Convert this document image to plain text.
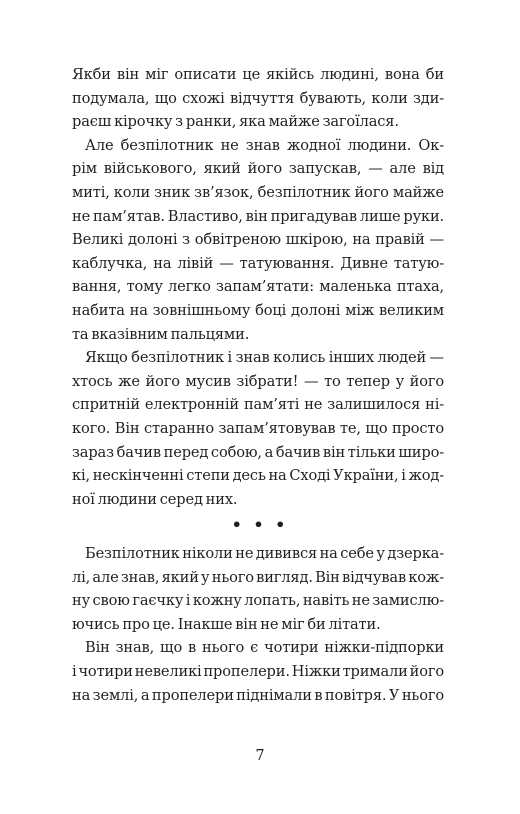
Якби він міг описати це якійсь людині, вона би
подумала, що схожі відчуття бувають, коли зди-
раєш кірочку з ранки, яка майже загоїлася.
Але безпілотник не знав жодної людини. Ок-
рім військового, який його запускав, — але від
миті, коли зник зв’язок, безпілотник його майже
не пам’ятав. Властиво, він пригадував лише руки.
Великі долоні з обвітреною шкірою, на правій —
каблучка, на лівій — татуювання. Дивне татую-
вання, тому легко запам’ятати: маленька птаха,
набита на зовнішньому боці долоні між великим
та вказівним пальцями.
Якщо безпілотник і знав колись інших людей —
хтось же його мусив зібрати! — то тепер у його
спритній електронній пам’яті не залишилося ні-
кого. Він старанно запам’ятовував те, що просто
зараз бачив перед собою, а бачив він тільки широ-
кі, нескінченні степи десь на Сході України, і жод-
ної людини серед них.
• • •
Безпілотник ніколи не дивився на себе у дзерка-
лі, але знав, який у нього вигляд. Він відчував кож-
ну свою гаєчку і кожну лопать, навіть не замислю-
ючись про це. Інакше він не міг би літати.
Він знав, що в нього є чотири ніжки-підпорки
і чотири невеликі пропелери. Ніжки тримали його
на землі, а пропелери піднімали в повітря. У нього
7
